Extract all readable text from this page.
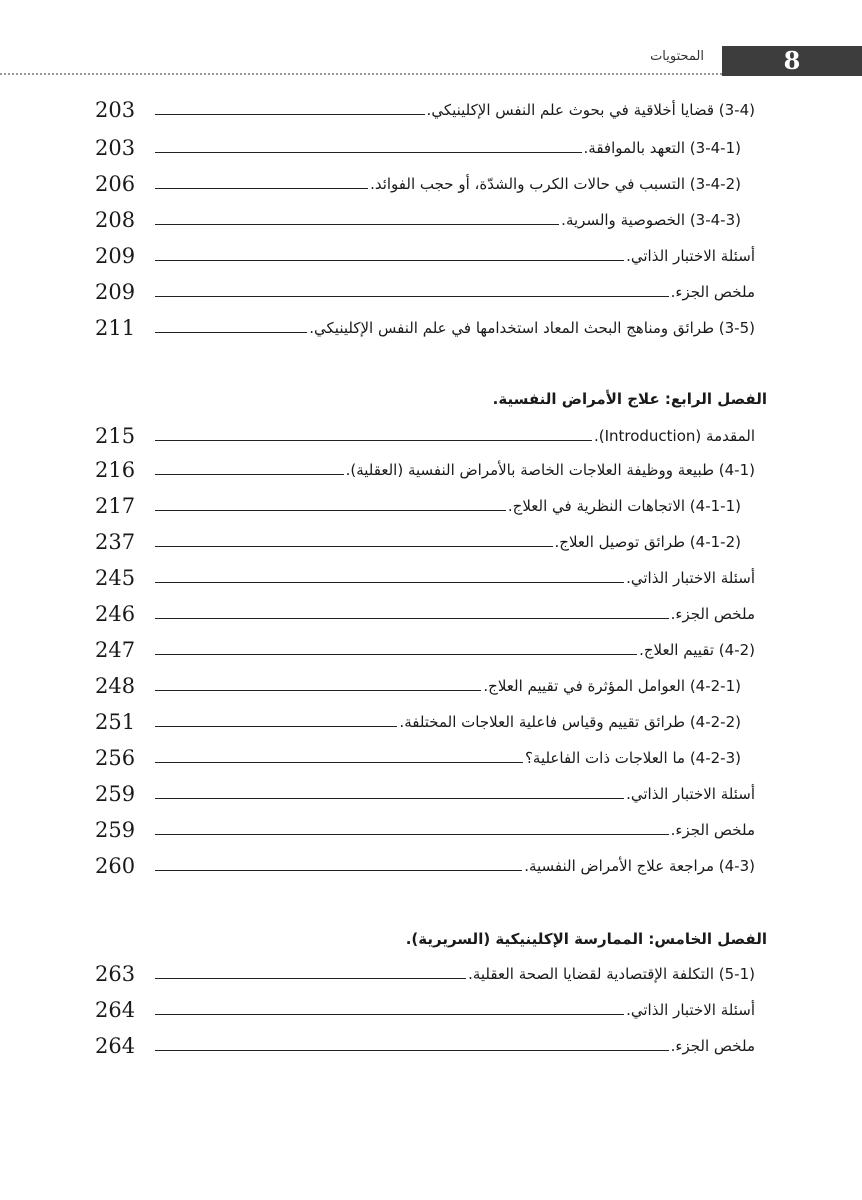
المحتويات	8
(3-4) قضايا أخلاقية في بحوث علم النفس الإكلينيكي.
203
(3-4-1) التعهد بالموافقة.
203
(3-4-2) التسبب في حالات الكرب والشدّة، أو حجب الفوائد.
206
(3-4-3) الخصوصية والسرية.
208
أسئلة الاختبار الذاتي.
209
ملخص الجزء.
209
(3-5) طرائق ومناهج البحث المعاد استخدامها في علم النفس الإكلينيكي.
211
الفصل الرابع: علاج الأمراض النفسية.
المقدمة (Introduction).
215
(4-1) طبيعة ووظيفة العلاجات الخاصة بالأمراض النفسية (العقلية).
216
(4-1-1) الاتجاهات النظرية في العلاج.
217
(4-1-2) طرائق توصيل العلاج.
237
أسئلة الاختبار الذاتي.
245
ملخص الجزء.
246
(4-2) تقييم العلاج.
247
(4-2-1) العوامل المؤثرة في تقييم العلاج.
248
(4-2-2) طرائق تقييم وقياس فاعلية العلاجات المختلفة.
251
(4-2-3) ما العلاجات ذات الفاعلية؟
256
أسئلة الاختبار الذاتي.
259
ملخص الجزء.
259
(4-3) مراجعة علاج الأمراض النفسية.
260
الفصل الخامس: الممارسة الإكلينيكية (السريرية).
(5-1) التكلفة الإقتصادية لقضايا الصحة العقلية.
263
أسئلة الاختبار الذاتي.
264
ملخص الجزء.
264
